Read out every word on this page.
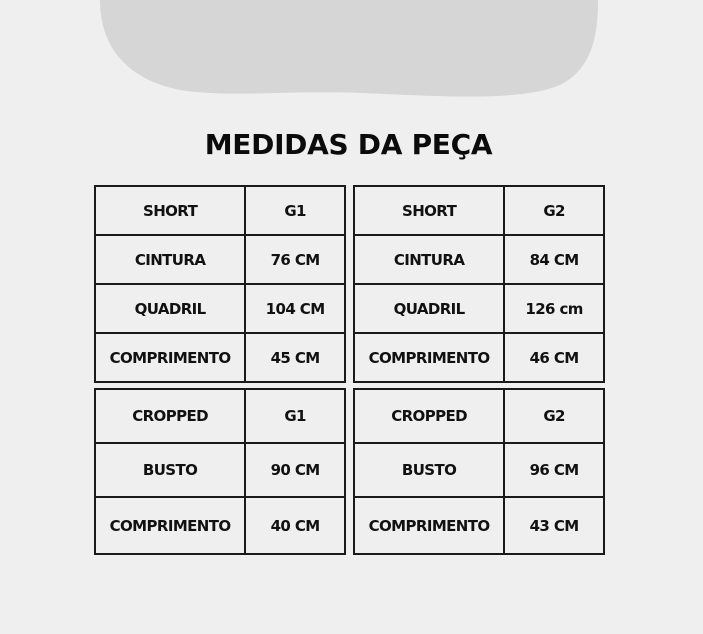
MEDIDAS DA PEÇA
SHORT	G1
CINTURA	76 CM
QUADRIL	104 CM
COMPRIMENTO	45 CM
SHORT	G2
CINTURA	84 CM
QUADRIL	126 cm
COMPRIMENTO	46 CM
CROPPED	G1
BUSTO	90 CM
COMPRIMENTO	40 CM
CROPPED	G2
BUSTO	96 CM
COMPRIMENTO	43 CM
